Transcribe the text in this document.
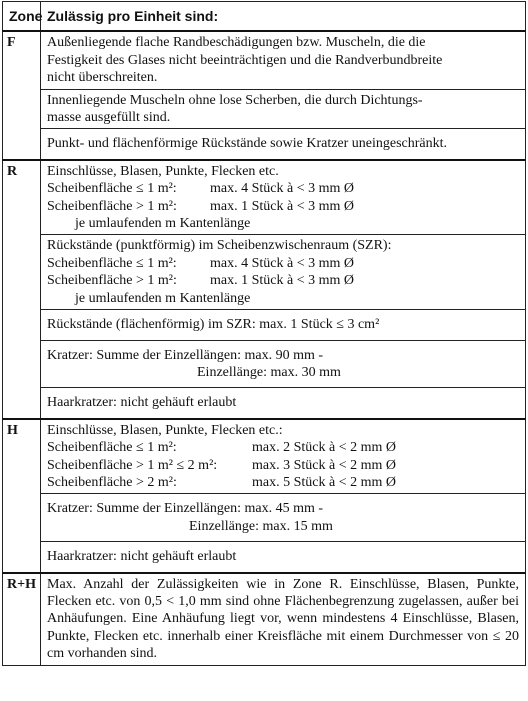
Zone	Zulässig pro Einheit sind:
F	Außenliegende flache Randbeschädigungen bzw. Muscheln, die die
Festigkeit des Glases nicht beeinträchtigen und die Randverbundbreite
nicht überschreiten.

	Innenliegende Muscheln ohne lose Scherben, die durch Dichtungs-
masse ausgefüllt sind.

	Punkt- und flächenförmige Rückstände sowie Kratzer uneingeschränkt.
R	Einschlüsse, Blasen, Punkte, Flecken etc.
Scheibenfläche ≤ 1 m²: max. 4 Stück à < 3 mm Ø
Scheibenfläche > 1 m²: max. 1 Stück à < 3 mm Ø
je umlaufenden m Kantenlänge

	Rückstände (punktförmig) im Scheibenzwischenraum (SZR):
Scheibenfläche ≤ 1 m²: max. 4 Stück à < 3 mm Ø
Scheibenfläche > 1 m²: max. 1 Stück à < 3 mm Ø
je umlaufenden m Kantenlänge

	Rückstände (flächenförmig) im SZR: max. 1 Stück ≤ 3 cm²

	Kratzer: Summe der Einzellängen: max. 90 mm -
Einzellänge: max. 30 mm

	Haarkratzer: nicht gehäuft erlaubt
H	Einschlüsse, Blasen, Punkte, Flecken etc.:
Scheibenfläche ≤ 1 m²: max. 2 Stück à < 2 mm Ø
Scheibenfläche > 1 m² ≤ 2 m²: max. 3 Stück à < 2 mm Ø
Scheibenfläche > 2 m²: max. 5 Stück à < 2 mm Ø

	Kratzer: Summe der Einzellängen: max. 45 mm -
Einzellänge: max. 15 mm

	Haarkratzer: nicht gehäuft erlaubt
R+H	Max. Anzahl der Zulässigkeiten wie in Zone R. Einschlüsse, Blasen, Punkte, Flecken etc. von 0,5 < 1,0 mm sind ohne Flächenbegrenzung zugelassen, außer bei Anhäufungen. Eine Anhäufung liegt vor, wenn mindestens 4 Einschlüsse, Blasen, Punkte, Flecken etc. innerhalb einer Kreisfläche mit einem Durchmesser von ≤ 20 cm vorhanden sind.
